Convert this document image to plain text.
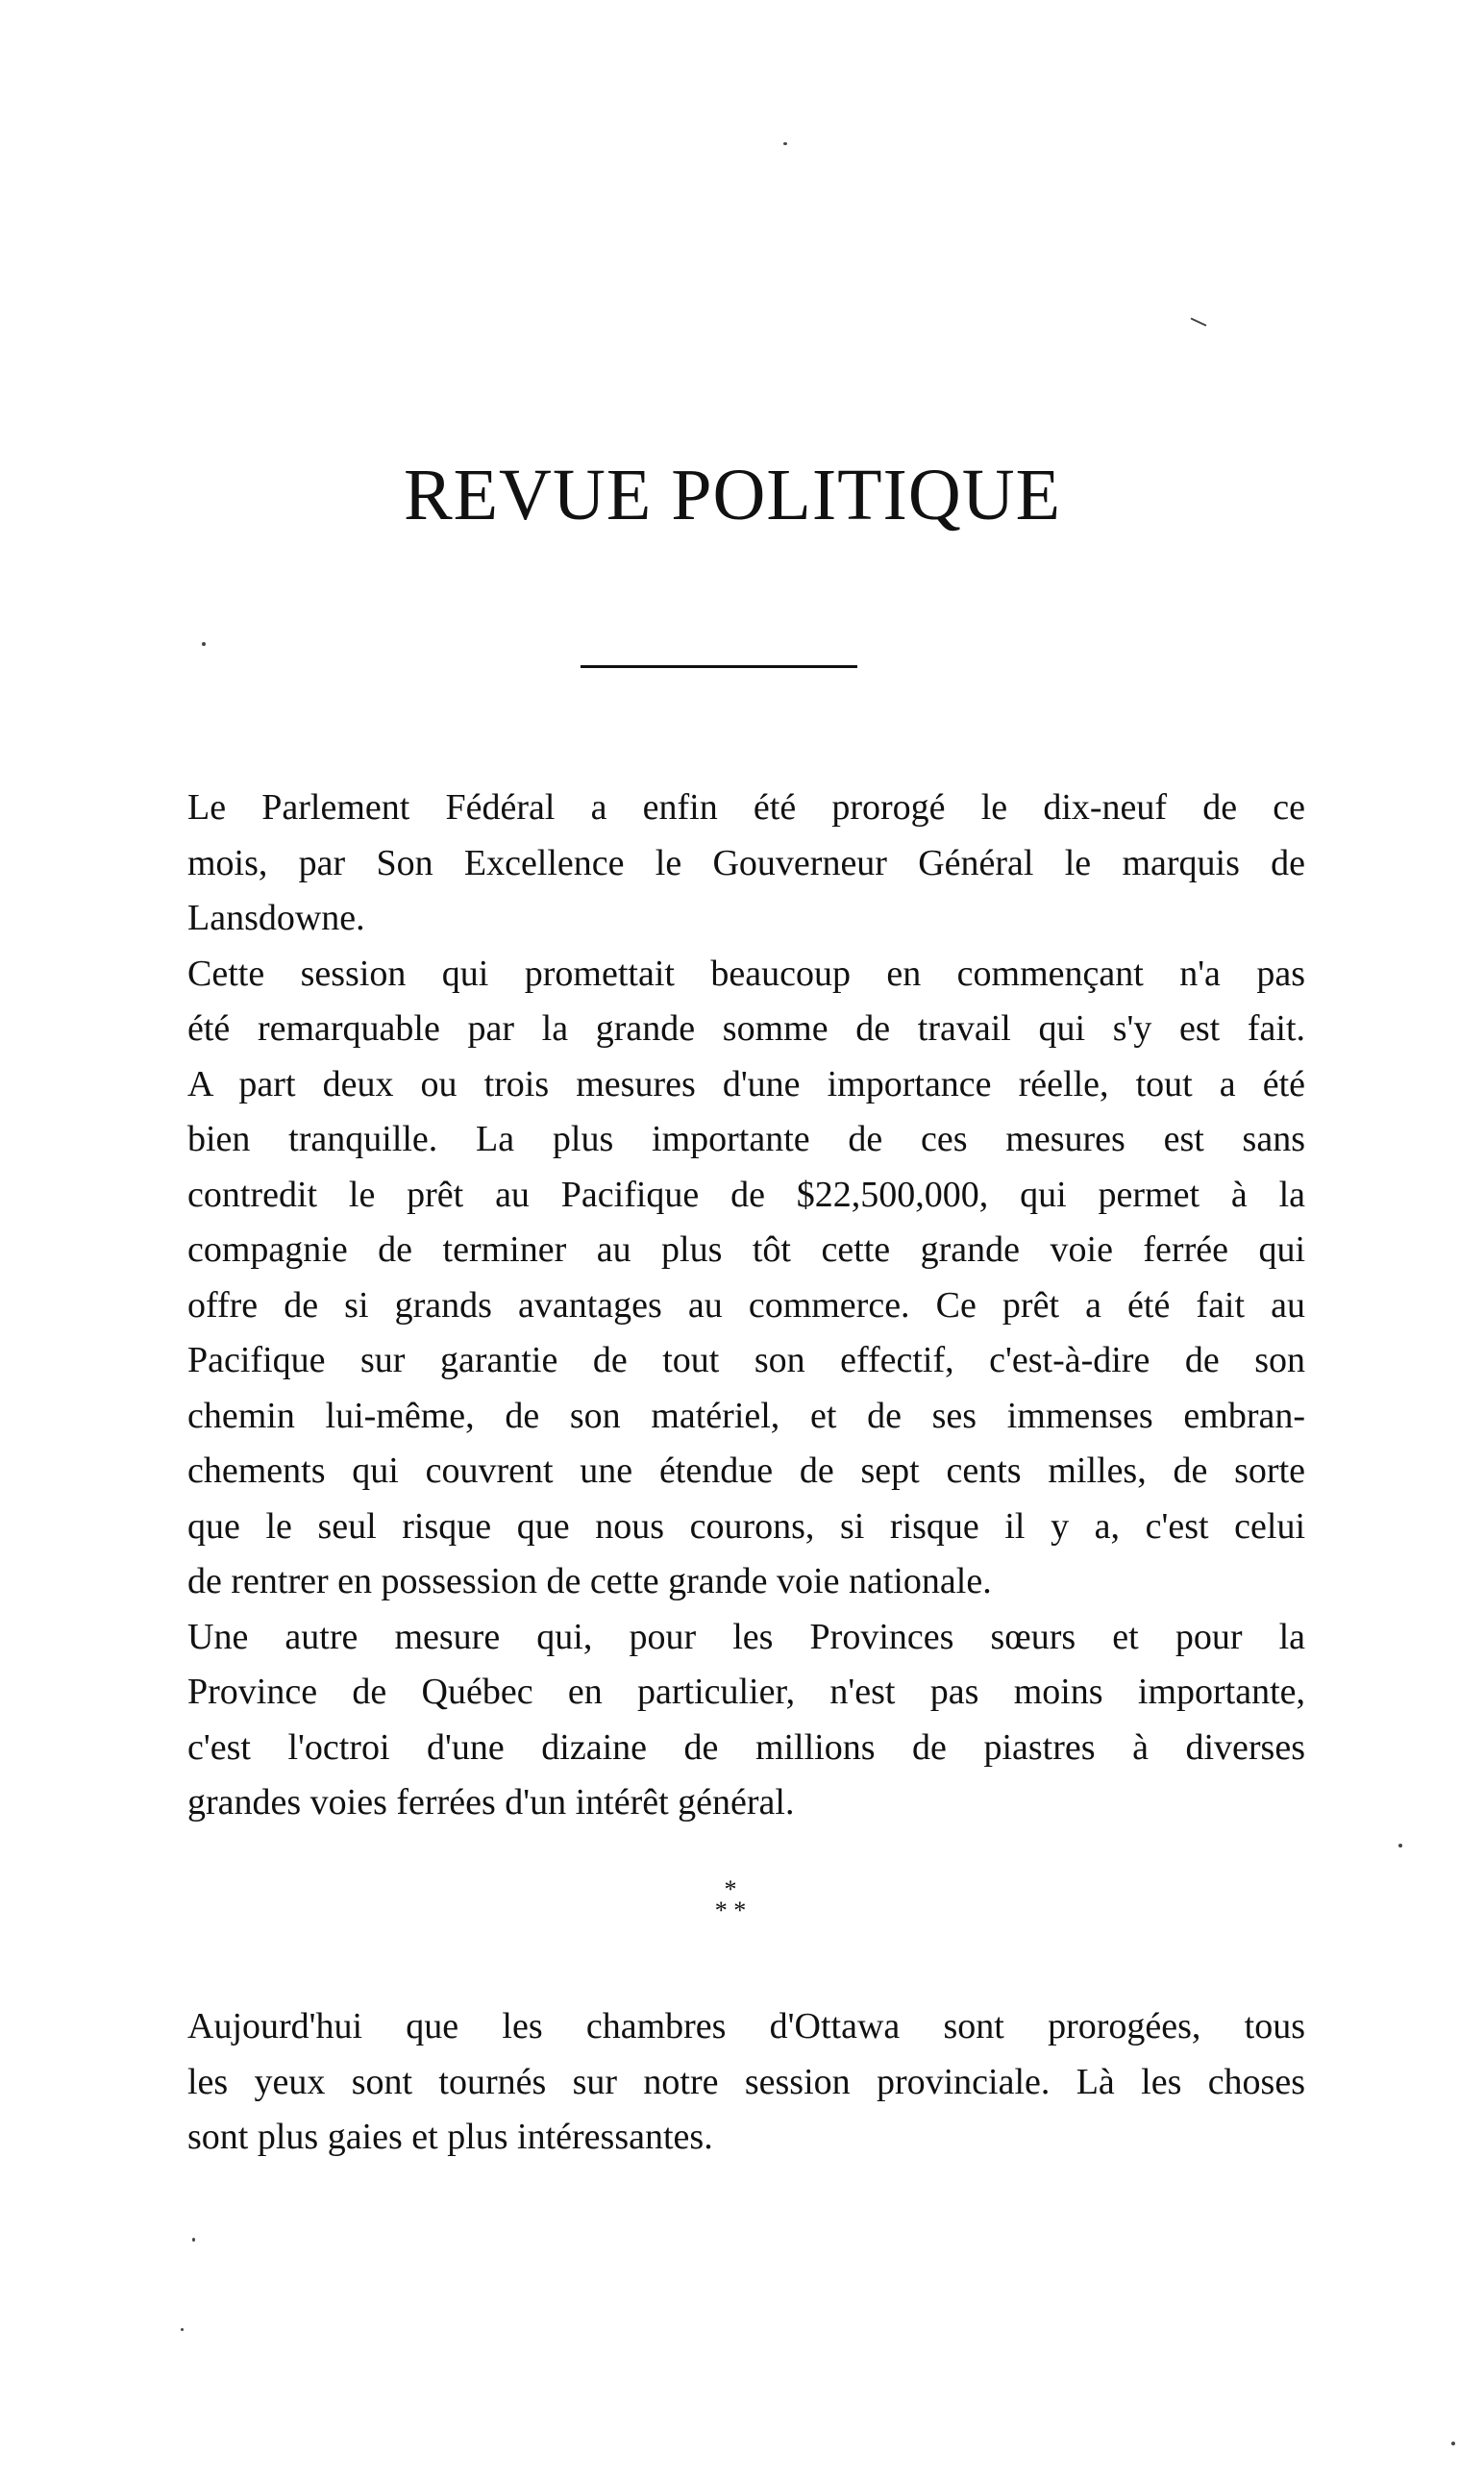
REVUE POLITIQUE

Le Parlement Fédéral a enfin été prorogé le dix-neuf de ce
mois, par Son Excellence le Gouverneur Général le marquis de
Lansdowne.

Cette session qui promettait beaucoup en commençant n'a pas
été remarquable par la grande somme de travail qui s'y est fait.
A part deux ou trois mesures d'une importance réelle, tout a été
bien tranquille. La plus importante de ces mesures est sans
contredit le prêt au Pacifique de $22,500,000, qui permet à la
compagnie de terminer au plus tôt cette grande voie ferrée qui
offre de si grands avantages au commerce. Ce prêt a été fait au
Pacifique sur garantie de tout son effectif, c'est-à-dire de son
chemin lui-même, de son matériel, et de ses immenses embran-
chements qui couvrent une étendue de sept cents milles, de sorte
que le seul risque que nous courons, si risque il y a, c'est celui
de rentrer en possession de cette grande voie nationale.

Une autre mesure qui, pour les Provinces sœurs et pour la
Province de Québec en particulier, n'est pas moins importante,
c'est l'octroi d'une dizaine de millions de piastres à diverses
grandes voies ferrées d'un intérêt général.

*
* *

Aujourd'hui que les chambres d'Ottawa sont prorogées, tous
les yeux sont tournés sur notre session provinciale. Là les choses
sont plus gaies et plus intéressantes.
